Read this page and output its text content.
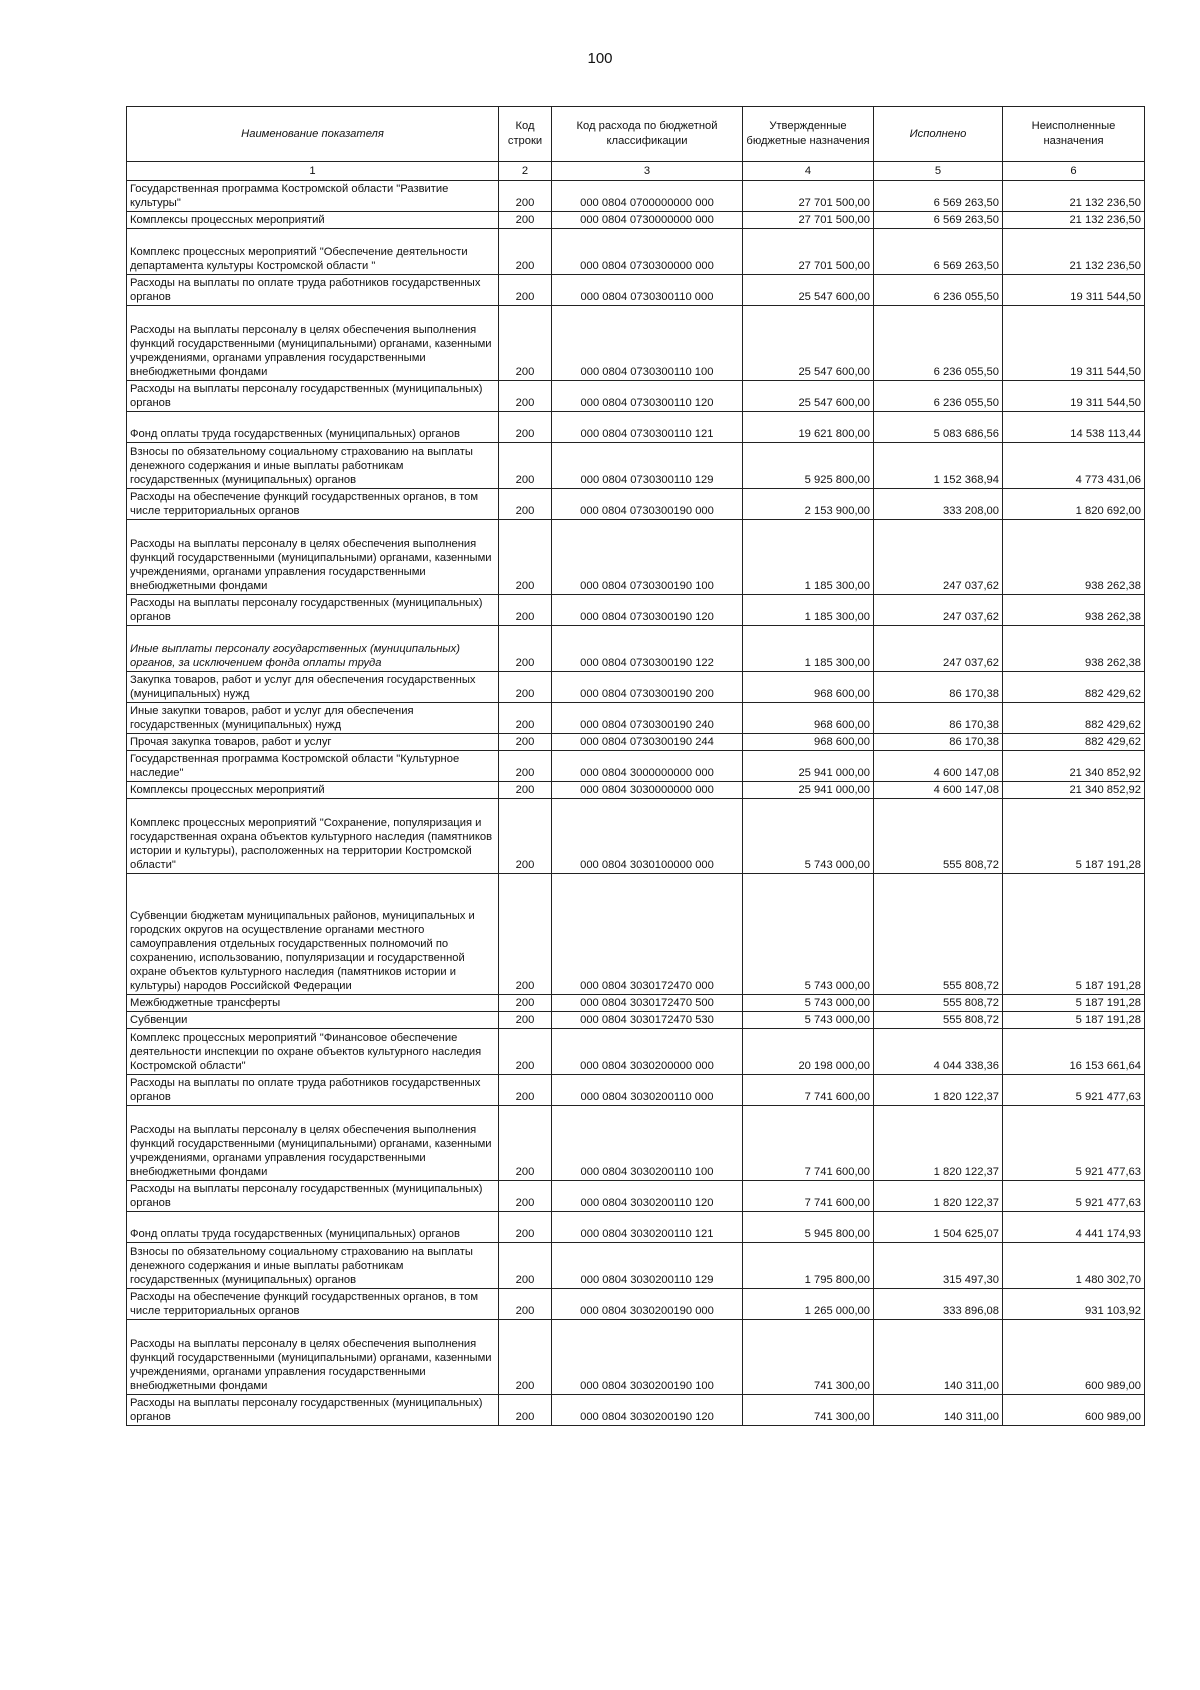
100
Наименование показателя	Код строки	Код расхода по бюджетной классификации	Утвержденные бюджетные назначения	Исполнено	Неисполненные назначения
1	2	3	4	5	6
Государственная программа Костромской области "Развитие культуры"	200	000 0804 0700000000 000	27 701 500,00	6 569 263,50	21 132 236,50
Комплексы процессных мероприятий	200	000 0804 0730000000 000	27 701 500,00	6 569 263,50	21 132 236,50
Комплекс процессных мероприятий "Обеспечение деятельности департамента культуры Костромской области "	200	000 0804 0730300000 000	27 701 500,00	6 569 263,50	21 132 236,50
Расходы на выплаты по оплате труда работников государственных органов	200	000 0804 0730300110 000	25 547 600,00	6 236 055,50	19 311 544,50
Расходы на выплаты персоналу в целях обеспечения выполнения функций государственными (муниципальными) органами, казенными учреждениями, органами управления государственными внебюджетными фондами	200	000 0804 0730300110 100	25 547 600,00	6 236 055,50	19 311 544,50
Расходы на выплаты персоналу государственных (муниципальных) органов	200	000 0804 0730300110 120	25 547 600,00	6 236 055,50	19 311 544,50
Фонд оплаты труда государственных (муниципальных) органов	200	000 0804 0730300110 121	19 621 800,00	5 083 686,56	14 538 113,44
Взносы по обязательному социальному страхованию на выплаты денежного содержания и иные выплаты работникам государственных (муниципальных) органов	200	000 0804 0730300110 129	5 925 800,00	1 152 368,94	4 773 431,06
Расходы на обеспечение функций государственных органов, в том числе территориальных органов	200	000 0804 0730300190 000	2 153 900,00	333 208,00	1 820 692,00
Расходы на выплаты персоналу в целях обеспечения выполнения функций государственными (муниципальными) органами, казенными учреждениями, органами управления государственными внебюджетными фондами	200	000 0804 0730300190 100	1 185 300,00	247 037,62	938 262,38
Расходы на выплаты персоналу государственных (муниципальных) органов	200	000 0804 0730300190 120	1 185 300,00	247 037,62	938 262,38
Иные выплаты персоналу государственных (муниципальных) органов, за исключением фонда оплаты труда	200	000 0804 0730300190 122	1 185 300,00	247 037,62	938 262,38
Закупка товаров, работ и услуг для обеспечения государственных (муниципальных) нужд	200	000 0804 0730300190 200	968 600,00	86 170,38	882 429,62
Иные закупки товаров, работ и услуг для обеспечения государственных (муниципальных) нужд	200	000 0804 0730300190 240	968 600,00	86 170,38	882 429,62
Прочая закупка товаров, работ и услуг	200	000 0804 0730300190 244	968 600,00	86 170,38	882 429,62
Государственная программа Костромской области "Культурное наследие"	200	000 0804 3000000000 000	25 941 000,00	4 600 147,08	21 340 852,92
Комплексы процессных мероприятий	200	000 0804 3030000000 000	25 941 000,00	4 600 147,08	21 340 852,92
Комплекс процессных мероприятий "Сохранение, популяризация и государственная охрана объектов культурного наследия (памятников истории и культуры), расположенных на территории Костромской области"	200	000 0804 3030100000 000	5 743 000,00	555 808,72	5 187 191,28
Субвенции бюджетам муниципальных районов, муниципальных и городских округов на осуществление органами местного самоуправления отдельных государственных полномочий по сохранению, использованию, популяризации и государственной охране объектов культурного наследия (памятников истории и культуры) народов Российской Федерации	200	000 0804 3030172470 000	5 743 000,00	555 808,72	5 187 191,28
Межбюджетные трансферты	200	000 0804 3030172470 500	5 743 000,00	555 808,72	5 187 191,28
Субвенции	200	000 0804 3030172470 530	5 743 000,00	555 808,72	5 187 191,28
Комплекс процессных мероприятий "Финансовое обеспечение деятельности инспекции по охране объектов культурного наследия Костромской области"	200	000 0804 3030200000 000	20 198 000,00	4 044 338,36	16 153 661,64
Расходы на выплаты по оплате труда работников государственных органов	200	000 0804 3030200110 000	7 741 600,00	1 820 122,37	5 921 477,63
Расходы на выплаты персоналу в целях обеспечения выполнения функций государственными (муниципальными) органами, казенными учреждениями, органами управления государственными внебюджетными фондами	200	000 0804 3030200110 100	7 741 600,00	1 820 122,37	5 921 477,63
Расходы на выплаты персоналу государственных (муниципальных) органов	200	000 0804 3030200110 120	7 741 600,00	1 820 122,37	5 921 477,63
Фонд оплаты труда государственных (муниципальных) органов	200	000 0804 3030200110 121	5 945 800,00	1 504 625,07	4 441 174,93
Взносы по обязательному социальному страхованию на выплаты денежного содержания и иные выплаты работникам государственных (муниципальных) органов	200	000 0804 3030200110 129	1 795 800,00	315 497,30	1 480 302,70
Расходы на обеспечение функций государственных органов, в том числе территориальных органов	200	000 0804 3030200190 000	1 265 000,00	333 896,08	931 103,92
Расходы на выплаты персоналу в целях обеспечения выполнения функций государственными (муниципальными) органами, казенными учреждениями, органами управления государственными внебюджетными фондами	200	000 0804 3030200190 100	741 300,00	140 311,00	600 989,00
Расходы на выплаты персоналу государственных (муниципальных) органов	200	000 0804 3030200190 120	741 300,00	140 311,00	600 989,00
